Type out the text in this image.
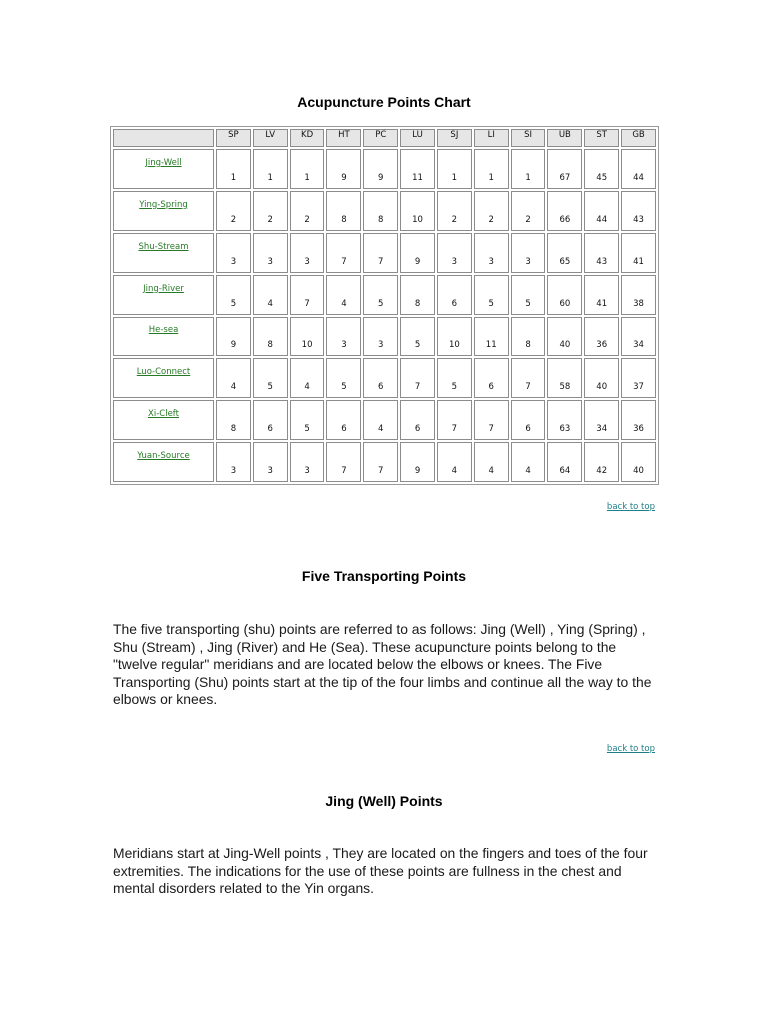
Acupuncture Points Chart
	SP	LV	KD	HT	PC	LU	SJ	LI	SI	UB	ST	GB
Jing-Well	1	1	1	9	9	11	1	1	1	67	45	44
Ying-Spring	2	2	2	8	8	10	2	2	2	66	44	43
Shu-Stream	3	3	3	7	7	9	3	3	3	65	43	41
Jing-River	5	4	7	4	5	8	6	5	5	60	41	38
He-sea	9	8	10	3	3	5	10	11	8	40	36	34
Luo-Connect	4	5	4	5	6	7	5	6	7	58	40	37
Xi-Cleft	8	6	5	6	4	6	7	7	6	63	34	36
Yuan-Source	3	3	3	7	7	9	4	4	4	64	42	40
back to top
Five Transporting Points
The five transporting (shu) points are referred to as follows: Jing (Well) , Ying (Spring) , Shu (Stream) , Jing (River) and He (Sea). These acupuncture points belong to the "twelve regular" meridians and are located below the elbows or knees. The Five Transporting (Shu) points start at the tip of the four limbs and continue all the way to the elbows or knees.
back to top
Jing (Well) Points
Meridians start at Jing-Well points , They are located on the fingers and toes of the four extremities. The indications for the use of these points are fullness in the chest and mental disorders related to the Yin organs.
